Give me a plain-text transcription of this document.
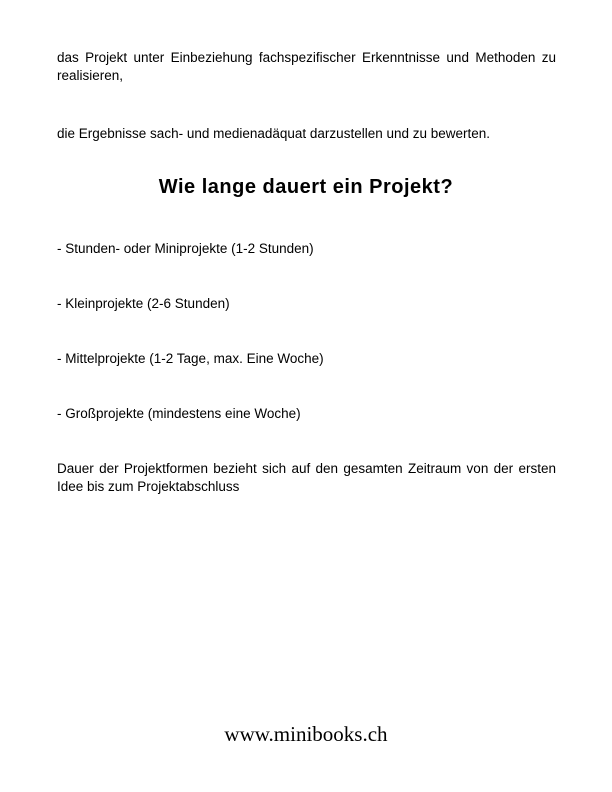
das Projekt unter Einbeziehung fachspezifischer Erkenntnisse und Methoden zu realisieren,

die Ergebnisse sach- und medienadäquat darzustellen und zu bewerten.

Wie lange dauert ein Projekt?
- Stunden- oder Miniprojekte (1-2 Stunden)
- Kleinprojekte (2-6 Stunden)
- Mittelprojekte (1-2 Tage, max. Eine Woche)
- Großprojekte (mindestens eine Woche)

Dauer der Projektformen bezieht sich auf den gesamten Zeitraum von der ersten Idee bis zum Projektabschluss

www.minibooks.ch
